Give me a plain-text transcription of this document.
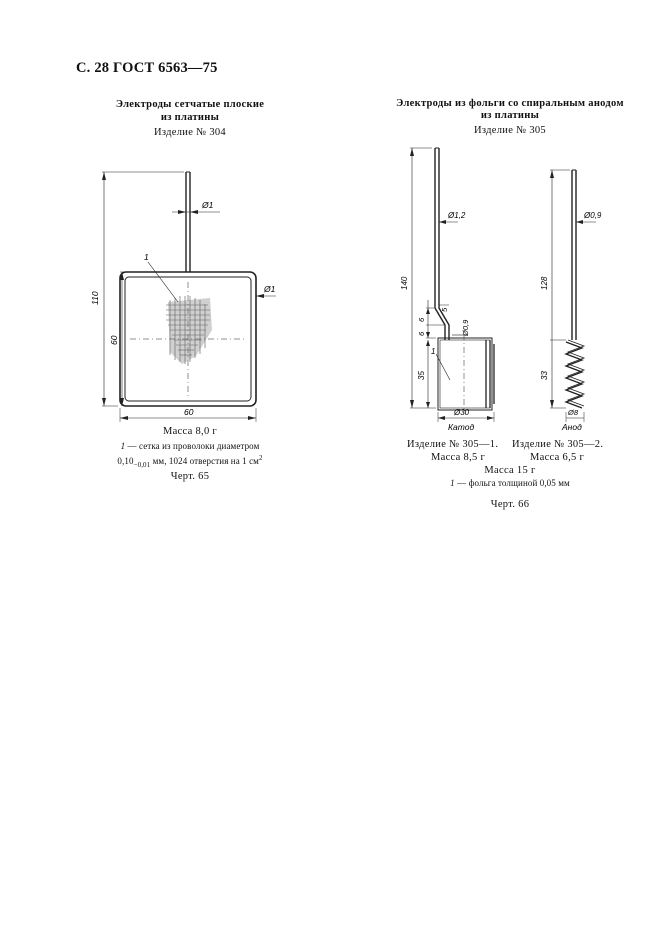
С. 28 ГОСТ 6563—75
Электроды сетчатые плоские
из платины
Изделие № 304
Ø1
Ø1
1
110
60
60
Масса 8,0 г
1 — сетка из проволоки диаметром
$0,10_{-0,01}$ мм, 1024 отверстия на 1 $см^2$
Черт. 65
Электроды из фольги со спиральным анодом
из платины
Изделие № 305
Ø1,2
140
6
6
5
Ø0,9
35
Ø30
1
Катод
Ø0,9
128
33
Ø8
Анод
Изделие № 305—1.
Масса 8,5 г
Изделие № 305—2.
Масса 6,5 г
Масса 15 г
1 — фольга толщиной 0,05 мм
Черт. 66
